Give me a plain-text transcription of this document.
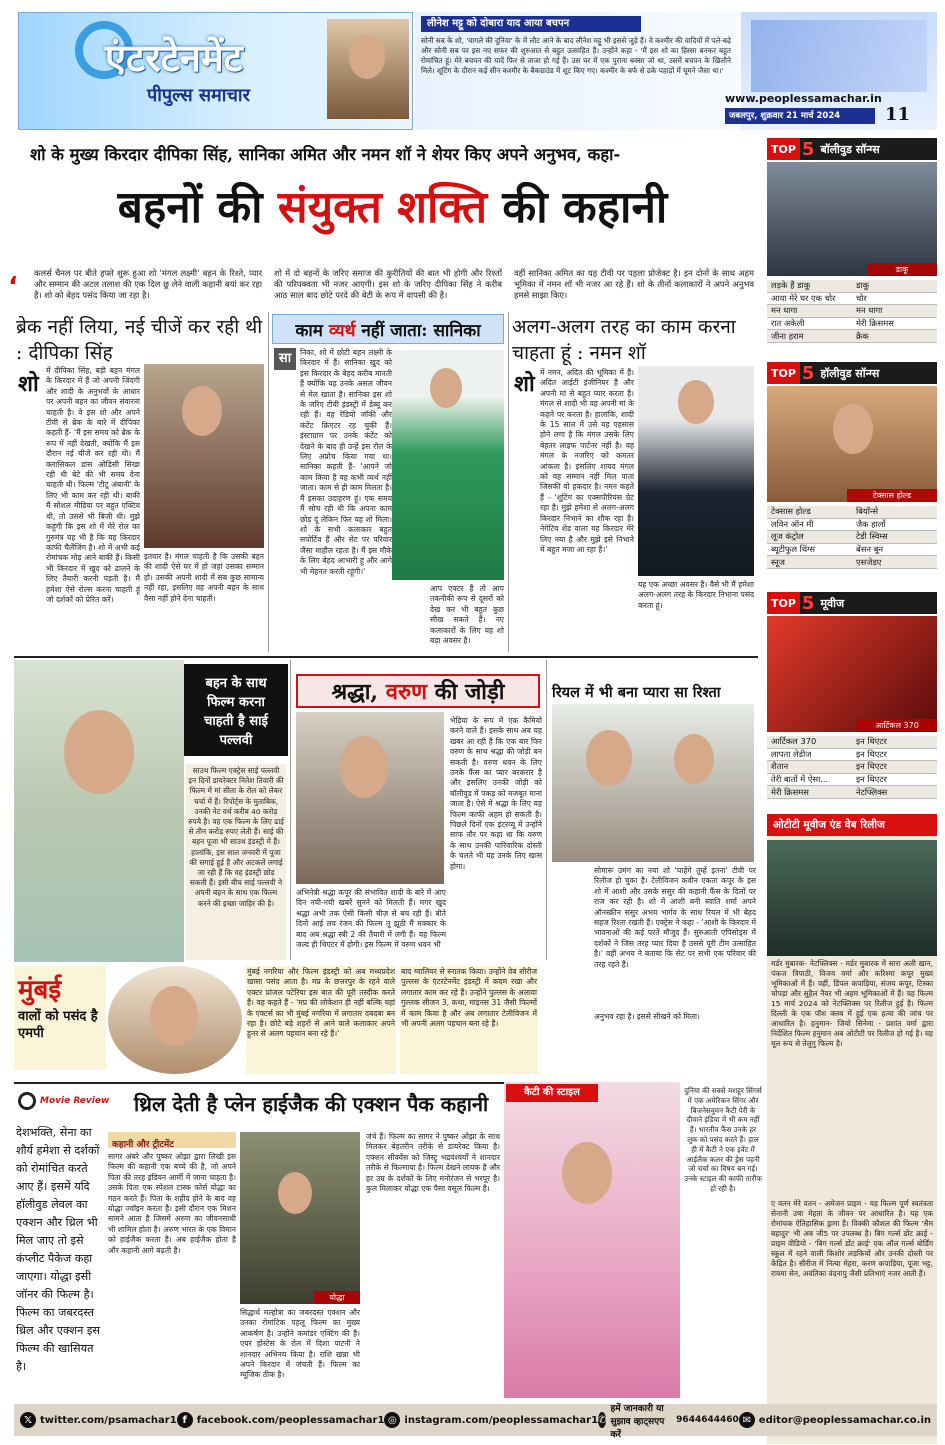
एंटरटेनमेंट
पीपुल्स समाचार
लीनेश मट्टू को दोबारा याद आया बचपन
सोनी सब के शो, 'वागले की दुनिया' के में लौट आने के बाद लीनेश मट्टू भी इससे जुड़े हैं। वे कश्मीर की वादियों में पले-बढ़े और सोनी सब पर इस नए सफर की शुरुआत से बहुत उत्साहित हैं। उन्होंने कहा - 'मैं इस शो का हिस्सा बनकर बहुत रोमांचित हूं। मेरे बचपन की यादें फिर से ताजा हो गई हैं। उस घर में एक पुराना बक्सा जो था, उसमें बचपन के खिलौने मिले। शूटिंग के दौरान कई सीन कश्मीर के बैकग्राउंड में शूट किए गए। कश्मीर के बर्फ से ढके पहाड़ों में घूमने जैसा था।'
www.peoplessamachar.in
जबलपुर, शुक्रवार 21 मार्च 2024	11
शो के मुख्य किरदार दीपिका सिंह, सानिका अमित और नमन शॉ ने शेयर किए अपने अनुभव, कहा-
बहनों की संयुक्त शक्ति की कहानी
‘ कलर्स चैनल पर बीते हफ्ते शुरू हुआ शो 'मंगल लक्ष्मी' बहन के रिश्ते, प्यार और सम्मान की अटल तलाश की एक दिल छू लेने वाली कहानी बयां कर रहा है। शो को बेहद पसंद किया जा रहा है।
शो में दो बहनों के जरिए समाज की कुरीतियों की बात भी होगी और रिश्तों की परिपक्वता भी नजर आएगी। इस शो के जरिए दीपिका सिंह ने करीब आठ साल बाद छोटे परदे की बेटी के रूप में वापसी की है।
वहीं सानिका अमित का यह टीवी पर पहला प्रोजेक्ट है। इन दोनों के साथ अहम भूमिका में नमन शॉ भी नजर आ रहे हैं। शो के तीनों कलाकारों ने अपने अनुभव हमसे साझा किए।
ब्रेक नहीं लिया, नई चीजें कर रही थी : दीपिका सिंह
शो
में दीपिका सिंह, बड़ी बहन मंगल के किरदार में हैं जो अपनी जिंदगी और शादी के अनुभवों के आधार पर अपनी बहन का जीवन संवारना चाहती है। वे इस शो और अपने टीवी से ब्रेक के बारे में दीपिका कहती हैं- 'मैं इस समय को ब्रेक के रूप में नहीं देखती, क्योंकि मैं इस दौरान नई चीजें कर रही थी। मैं क्लासिकल डांस ओडिसी सिखा रही थी बेटे की भी समय देना चाहती थी। फिल्म 'टीटू अंबानी' के लिए भी काम कर रही थी। बाकी मैं सोशल मीडिया पर बहुत एक्टिव थी, तो उससे भी बिजी थी। मुझे कहूंगी कि इस शो में मेरे रोल का गुरुमंत्र यह भी है कि यह किरदार काफी चैलेंजिंग है। शो में अभी कई रोमांचक मोड़ आने बाकी हैं। किसी भी किरदार में खुद को ढालने के लिए तैयारी करनी पड़ती है। मैं हमेशा ऐसे रोल्स करना चाहती हूं जो दर्शकों को प्रेरित करें।
इतवार है। मंगल चाहती है कि उसकी बहन की शादी ऐसे घर में हो जहां उसका सम्मान हो। उसकी अपनी शादी में सब कुछ सामान्य नहीं रहा, इसलिए वह अपनी बहन के साथ वैसा नहीं होने देना चाहती।
काम व्यर्थ नहीं जाता: सानिका
सा	निका, शो में छोटी बहन लक्ष्मी के किरदार में हैं। सानिका खुद को इस किरदार के बेहद करीब मानती हैं क्योंकि यह उनके असल जीवन से मेल खाता है। सानिका इस शो के जरिए टीवी इंडस्ट्री में डेब्यू कर रही हैं। वह रेडियो जॉकी और कंटेंट क्रिएटर रह चुकी हैं। इंस्टाग्राम पर उनके कंटेंट को देखने के बाद ही उन्हें इस रोल के लिए अप्रोच किया गया था। सानिका कहती हैं- 'आपने जो काम किया है वह कभी व्यर्थ नहीं जाता। काम से ही काम मिलता है। मैं इसका उदाहरण हूं। एक समय मैं सोच रही थी कि अपना काम छोड़ दूं लेकिन फिर यह शो मिला। शो के सभी कलाकार बहुत सपोर्टिव हैं और सेट पर परिवार जैसा माहौल रहता है। मैं इस मौके के लिए बेहद आभारी हूं और आगे भी मेहनत करती रहूंगी।'
आप एक्टर हैं तो आप तकनीकी रूप से दूसरों को देख कर भी बहुत कुछ सीख सकते हैं। नए कलाकारों के लिए यह शो बड़ा अवसर है।
अलग-अलग तरह का काम करना चाहता हूं : नमन शॉ
शो में नमन, अदित की भूमिका में हैं। अदित आईटी इंजीनियर है और अपनी मां से बहुत प्यार करता है। मंगल से शादी भी वह अपनी मां के कहने पर करता है। हालांकि, शादी के 15 साल में उसे यह एहसास होने लगा है कि मंगल उसके लिए बेहतर लाइफ पार्टनर नहीं है। वह मंगल के नजरिए को कमतर आंकता है। इसलिए शायद मंगल को वह सम्मान नहीं मिल पाता जिसकी वो हकदार है। नमन कहते हैं - 'शूटिंग का एक्सपीरियंस ग्रेट रहा है। मुझे हमेशा से अलग-अलग किरदार निभाने का शौक रहा है। नेगेटिव शेड वाला यह किरदार मेरे लिए नया है और मुझे इसे निभाने में बहुत मजा आ रहा है।'
यह एक अच्छा अवसर है। वैसे भी मैं हमेशा अलग-अलग तरह के किरदार निभाना पसंद करता हूं।
बहन के साथ फिल्म करना चाहती है साई पल्लवी
साउथ फिल्म एक्ट्रेस साई पल्लवी इन दिनों डायरेक्टर नितेश तिवारी की फिल्म में मां सीता के रोल को लेकर चर्चा में हैं। रिपोर्ट्स के मुताबिक, उनकी नेट वर्थ करीब 40 करोड़ रुपये है। वह एक फिल्म के लिए ढाई से तीन करोड़ रुपए लेती हैं। साई की बहन पूजा भी साउथ इंडस्ट्री में हैं। हालांकि, इस साल जनवरी में पूजा की सगाई हुई है और अटकलें लगाई जा रही हैं कि वह इंडस्ट्री छोड़ सकती हैं। इसी बीच साई पल्लवी ने अपनी बहन के साथ एक फिल्म करने की इच्छा जाहिर की है।
श्रद्धा, वरुण की जोड़ी
अभिनेत्री श्रद्धा कपूर की संभावित शादी के बारे में आए दिन नयी-नयी खबरें सुनने को मिलती हैं। मगर खुद श्रद्धा अभी तक ऐसी किसी चीज़ से बच रही हैं। बीते दिनों आई लव रंजन की फिल्म तू झूठी मैं मक्कार के बाद अब श्रद्धा स्त्री 2 की तैयारी में लगी हैं। यह फिल्म जल्द ही थिएटर में होगी। इस फिल्म में वरुण धवन भी
भेड़िया के रूप में एक कैमियो करने वाले हैं। इसके साथ अब यह खबर आ रही है कि एक बार फिर वरुण के साथ श्रद्धा की जोड़ी बन सकती है। वरुण धवन के लिए उनके फैंस का प्यार बरकरार है और इसलिए उनकी जोड़ी को बॉलीवुड में पकड़ को मजबूत माना जाता है। ऐसे में श्रद्धा के लिए यह फिल्म काफी अहम हो सकती है। पिछले दिनों एक इंटरव्यू में उन्होंने साफ तौर पर कहा था कि वरुण के साथ उनकी पारिवारिक दोस्ती के चलते भी यह उनके लिए खास होगा।
रियल में भी बना प्यारा सा रिश्ता
सोमारू उमंग का नया शो 'चाहेंगे तुम्हें इतना' टीवी पर रिलीज हो चुका है। टेलीविजन कवीन एकता कपूर के इस शो में आशी और उसके ससुर की कहानी फैंस के दिलों पर राज कर रही है। शो में आशी बनी स्वाति शर्मा अपने ऑनस्क्रीन ससुर अभय भार्गव के साथ रियल में भी बेहद सहज रिश्ता रखती हैं। एक्ट्रेस ने कहा - 'आशी के किरदार में भावनाओं की कई परतें मौजूद हैं। सुरुआती एपिसोड्स में दर्शकों ने जिस तरह प्यार दिया है उससे पूरी टीम उत्साहित है।' वहीं अभय ने बताया कि सेट पर सभी एक परिवार की तरह रहते हैं।
अनुभव रहा है। इससे सीखने को मिला।
मुंबई
वालों को पसंद है एमपी
मुंबई नगरिया और फिल्म इंडस्ट्री को अब मध्यप्रदेश खासा पसंद आता है। मप्र के छत्तरपुर के रहने वाले एक्टर प्रांजल पटेरिया इस बात की पूरी तस्दीक करते हैं। वह कहते हैं - 'मप्र की लोकेशन ही नहीं बल्कि यहां के एक्टर्स का भी मुंबई नगरिया में लगातार दबदबा बन रहा है। छोटे बड़े शहरों से आने वाले कलाकार अपने हुनर से अलग पहचान बना रहे हैं।'
बाद ग्वालियर से स्नातक किया। उन्होंने वेब सीरीज पुल्लस के एंटरटेनमेंट इंडस्ट्री में कदम रखा और लगातार काम कर रहे हैं। उन्होंने पुल्लस के अलावा गुल्लक सीजन 3, कथा, माइनस 31 जैसी फिल्मों में काम किया है और अब लगातार टेलीविजन में भी अपनी अलग पहचान बना रहे हैं।
TOP 5 बॉलीवुड सॉन्ग्स
डाकू
लड़के हैं डाकू	डाकू
आया मेरे घर एक चोर	चोर
मन धागा	मन धागा
रात अकेली	मेरी क्रिसमस
जीना हराम	क्रैक
TOP 5 हॉलीवुड सॉन्ग्स
टेक्सास होल्ड
टेक्सास होल्ड	बियॉन्से
लविन ऑन मी	जैक हार्लो
लूज कंट्रोल	टेडी स्विम्स
ब्यूटीफुल थिंग्स	बेंसन बून
स्नूज	एसजेडए
TOP 5 मूवीज
आर्टिकल 370
आर्टिकल 370	इन थिएटर
लापता लेडीज	इन थिएटर
शैतान	इन थिएटर
तेरी बातों में ऐसा...	इन थिएटर
मेरी क्रिसमस	नेटफ्लिक्स
ओटीटी मूवीज एंड वेब रिलीज
मर्डर मुबारक- नेटफ्लिक्स - मर्डर मुबारक में सारा अली खान, पंकज त्रिपाठी, विजय वर्मा और करिश्मा कपूर मुख्य भूमिकाओं में हैं। वहीं, डिंपल कपाड़िया, संजय कपूर, टिस्का चोपड़ा और सुहैल नैयर भी अहम भूमिकाओं में हैं। यह फिल्म 15 मार्च 2024 को नेटफ्लिक्स पर रिलीज हुई है। फिल्म दिल्ली के एक पॉश क्लब में हुई एक हत्या की जांच पर आधारित है। हनुमान- जियो सिनेमा - प्रशांत वर्मा द्वारा निर्देशित फिल्म हनुमान अब ओटीटी पर रिलीज हो गई है। यह मूल रूप से तेलुगु फिल्म है।
ए वतन मेरे वतन - अमेजन प्राइम - यह फिल्म पूर्ण स्वतंत्रता सेनानी उषा मेहता के जीवन पर आधारित है। यह एक रोमांचक ऐतिहासिक ड्रामा है। विक्की कौशल की फिल्म 'सैम बहादुर' भी अब जी5 पर उपलब्ध है। बिग गर्ल्स डोंट क्राई - प्राइम वीडियो - 'बिग गर्ल्स डोंट क्राई' एक ऑल गर्ल्स बोर्डिंग स्कूल में रहने वाली किशोर लड़कियों और उनकी दोस्ती पर केंद्रित है। सीरीज में नित्या मेहरा, करण कपाड़िया, पूजा भट्ट, रायमा सेन, अवंतिका वंदनापु जैसी प्रतिभाएं नजर आती हैं।
Movie Review थ्रिल देती है प्लेन हाईजैक की एक्शन पैक कहानी
देशभक्ति, सेना का शौर्य हमेशा से दर्शकों को रोमांचित करते आए हैं। इसमें यदि हॉलीवुड लेवल का एक्शन और थ्रिल भी मिल जाए तो इसे कंप्लीट पैकेज कहा जाएगा। योद्धा इसी जॉनर की फिल्म है। फिल्म का जबरदस्त थ्रिल और एक्शन इस फिल्म की खासियत है।
कहानी और ट्रीटमेंट
सागर अंबरे और पुष्कर ओझा द्वारा लिखी इस फिल्म की कहानी एक बच्चे की है, जो अपने पिता की तरह इंडियन आर्मी में जाना चाहता है। उसके पिता एक स्पेशल टास्क फोर्स योद्धा का गठन करते हैं। पिता के शहीद होने के बाद वह योद्धा ज्वॉइन करता है। इसी दौरान एक मिशन सामने आता है जिसमें अरुण का जीवनसाथी भी शामिल होता है। अरुण भारत के एक विमान को हाईजैक करता है। अब हाईजैक होता है और कहानी आगे बढ़ती है।
योद्धा
सिद्धार्थ मल्होत्रा का जबरदस्त एक्शन और उनका रोमांटिक पहलू फिल्म का मुख्य आकर्षण है। उन्होंने कमांडर एक्टिंग की है। एयर होस्टेस के रोल में दिशा पाटनी ने शानदार अभिनय किया है। राशि खन्ना भी अपने किरदार में जंचती हैं। फिल्म का म्यूजिक ठीक है।
जंचे हैं। फिल्म का सागर ने पुष्कर ओझा के साथ मिलकर बेहतरीन तरीके से डायरेक्ट किया है। एक्शन सीक्वेंस को जिस्ट्रू भद्रवंश्वर्यों ने शानदार तरीके से फिल्माया है। फिल्म देखने लायक है और हर उम्र के दर्शकों के लिए मनोरंजन से भरपूर है। कुल मिलाकर योद्धा एक पैसा वसूल फिल्म है।
कैटी की स्टाइल	दुनिया की सबसे मशहूर सिंगर्स में एक अमेरिकन सिंगर और बिजनेसवुमन कैटी पेरी के दीवाने इंडिया में भी कम नहीं हैं। भारतीय फैंस उनके हर लुक को पसंद करते हैं। हाल ही में कैटी ने एक इवेंट में आईलैक कलर की ड्रेस पहनी जो चर्चा का विषय बन गई। उनके स्टाइल की काफी तारीफ हो रही है।
𝕏 twitter.com/psamachar1 f facebook.com/peoplessamachar1 ◎ instagram.com/peoplessamachar1 ✆
हमें जानकारी या सुझाव व्हाट्सएप करें
9644644460 ✉ editor@peoplessamachar.co.in
